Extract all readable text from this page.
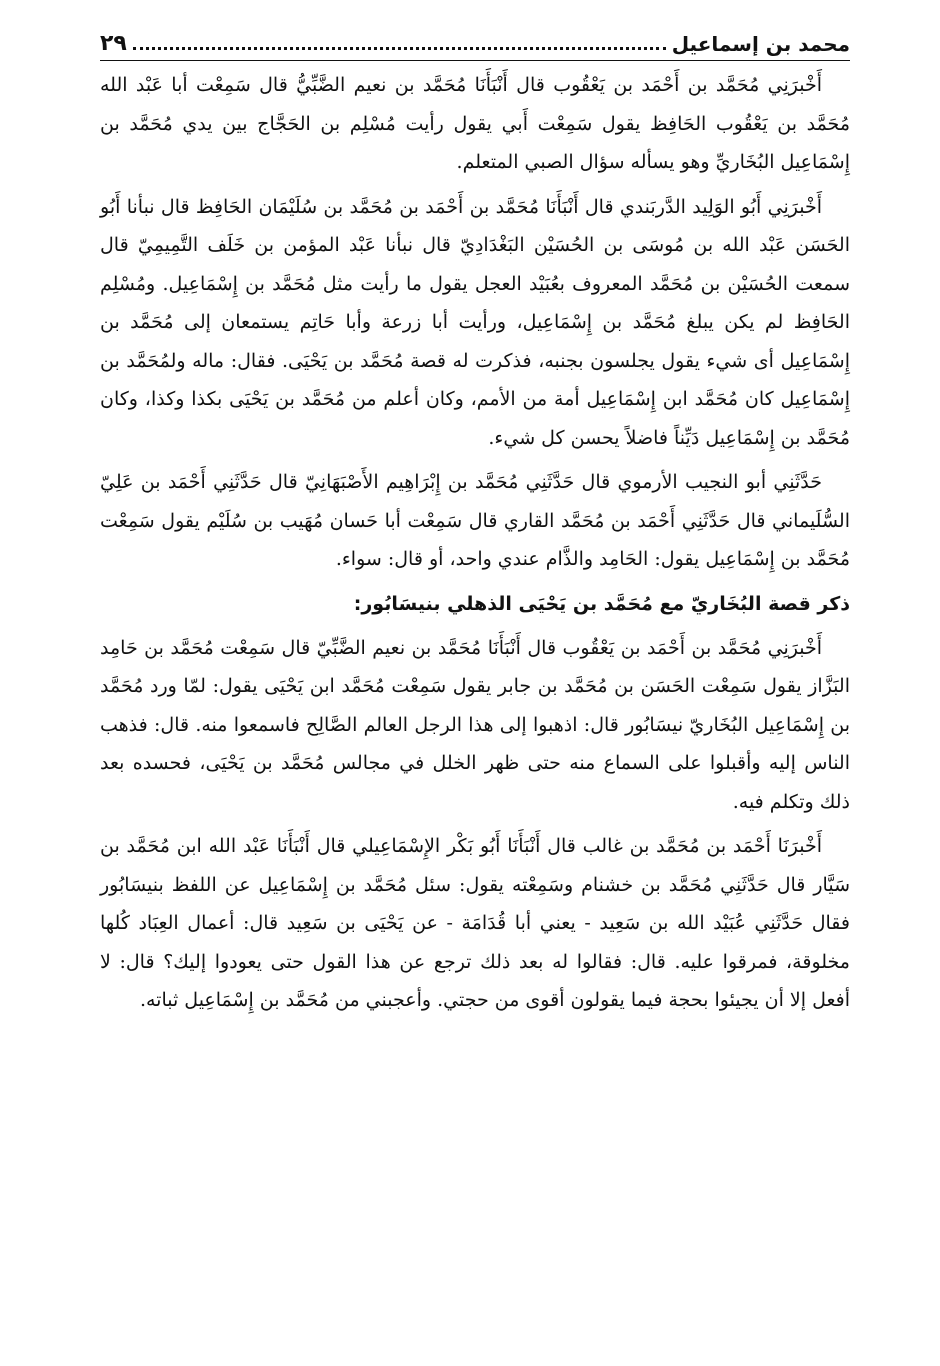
محمد بن إسماعيل
٢٩

أَخْبرَنِي مُحَمَّد بن أَحْمَد بن يَعْقُوب قال أَنْبَأَنَا مُحَمَّد بن نعيم الضَّبِّيُّ قال سَمِعْت أبا عَبْد الله مُحَمَّد بن يَعْقُوب الحَافِظ يقول سَمِعْت أَبي يقول رأيت مُسْلِم بن الحَجَّاج بين يدي مُحَمَّد بن إِسْمَاعِيل البُخَاريِّ وهو يسأله سؤال الصبي المتعلم.

أَخْبرَنِي أَبُو الوَلِيد الدَّربَندي قال أَنْبَأَنَا مُحَمَّد بن أَحْمَد بن مُحَمَّد بن سُلَيْمَان الحَافِظ قال نبأنا أَبُو الحَسَن عَبْد الله بن مُوسَى بن الحُسَيْن البَغْدَادِيّ قال نبأنا عَبْد المؤمن بن خَلَف التَّمِيمِيّ قال سمعت الحُسَيْن بن مُحَمَّد المعروف بعُبَيْد العجل يقول ما رأيت مثل مُحَمَّد بن إِسْمَاعِيل. ومُسْلِم الحَافِظ لم يكن يبلغ مُحَمَّد بن إِسْمَاعِيل، ورأيت أبا زرعة وأبا حَاتِم يستمعان إلى مُحَمَّد بن إِسْمَاعِيل أى شيء يقول يجلسون بجنبه، فذكرت له قصة مُحَمَّد بن يَحْيَى. فقال: ماله ولمُحَمَّد بن إِسْمَاعِيل كان مُحَمَّد ابن إِسْمَاعِيل أمة من الأمم، وكان أعلم من مُحَمَّد بن يَحْيَى بكذا وكذا، وكان مُحَمَّد بن إِسْمَاعِيل دَيِّناً فاضلاً يحسن كل شيء.

حَدَّثَنِي أبو النجيب الأرموي قال حَدَّثَنِي مُحَمَّد بن إِبْرَاهِيم الأَصْبَهَانِيّ قال حَدَّثَنِي أَحْمَد بن عَلِيّ السُّلَيماني قال حَدَّثَنِي أَحْمَد بن مُحَمَّد القاري قال سَمِعْت أبا حَسان مُهَيب بن سُلَيْم يقول سَمِعْت مُحَمَّد بن إِسْمَاعِيل يقول: الحَامِد والذَّام عندي واحد، أو قال: سواء.

ذكر قصة البُخَاريّ مع مُحَمَّد بن يَحْيَى الذهلي بنيسَابُور:

أَخْبرَنِي مُحَمَّد بن أَحْمَد بن يَعْقُوب قال أَنْبَأَنَا مُحَمَّد بن نعيم الضَّبِّيّ قال سَمِعْت مُحَمَّد بن حَامِد البَزَّاز يقول سَمِعْت الحَسَن بن مُحَمَّد بن جابر يقول سَمِعْت مُحَمَّد ابن يَحْيَى يقول: لمّا ورد مُحَمَّد بن إِسْمَاعِيل البُخَاريّ نيسَابُور قال: اذهبوا إلى هذا الرجل العالم الصَّالِح فاسمعوا منه. قال: فذهب الناس إليه وأقبلوا على السماع منه حتى ظهر الخلل في مجالس مُحَمَّد بن يَحْيَى، فحسده بعد ذلك وتكلم فيه.

أَخْبرَنَا أَحْمَد بن مُحَمَّد بن غالب قال أَنْبَأَنَا أَبُو بَكْر الإِسْمَاعِيلي قال أَنْبَأَنَا عَبْد الله ابن مُحَمَّد بن سَيَّار قال حَدَّثَنِي مُحَمَّد بن خشنام وسَمِعْته يقول: سئل مُحَمَّد بن إِسْمَاعِيل عن اللفظ بنيسَابُور فقال حَدَّثَنِي عُبَيْد الله بن سَعِيد - يعني أبا قُدَامَة - عن يَحْيَى بن سَعِيد قال: أعمال العِبَاد كُلها مخلوقة، فمرقوا عليه. قال: فقالوا له بعد ذلك ترجع عن هذا القول حتى يعودوا إليك؟ قال: لا أفعل إلا أن يجيئوا بحجة فيما يقولون أقوى من حجتي. وأعجبني من مُحَمَّد بن إِسْمَاعِيل ثباته.
